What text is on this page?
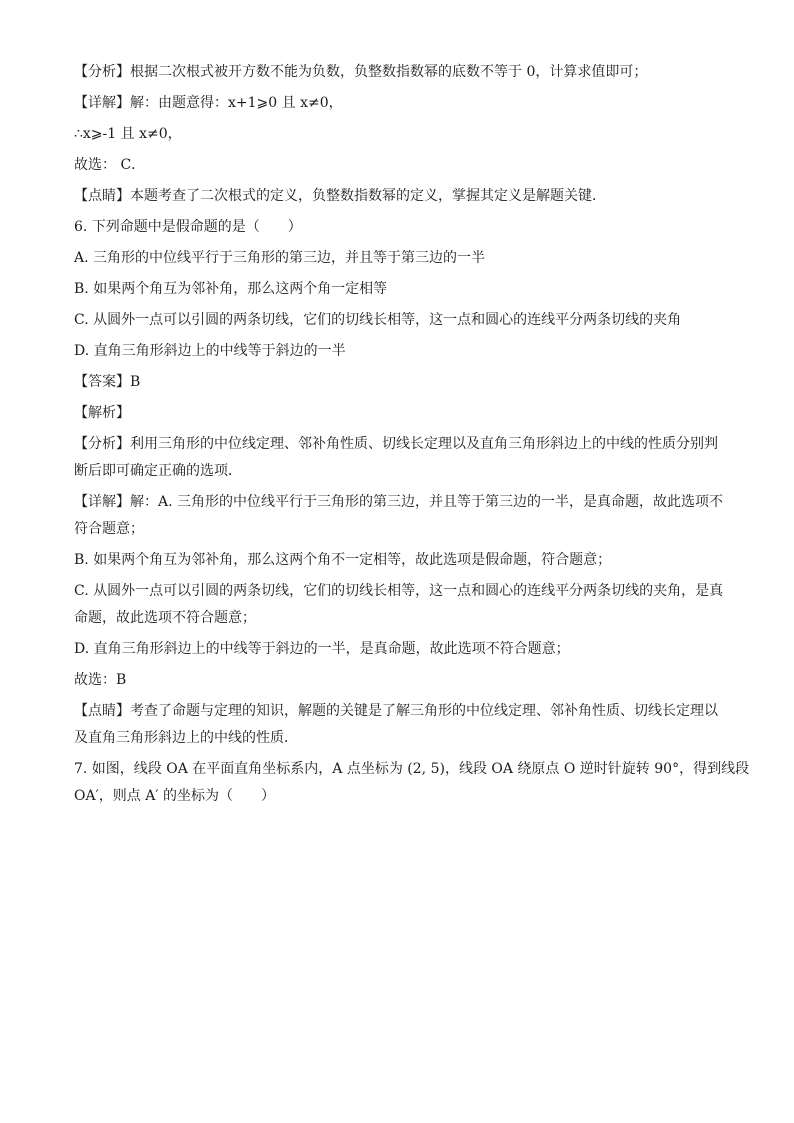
【分析】根据二次根式被开方数不能为负数，负整数指数幂的底数不等于 0，计算求值即可；

【详解】解：由题意得：x+1⩾0 且 x≠0，

∴x⩾-1 且 x≠0，

故选： C．

【点睛】本题考查了二次根式的定义，负整数指数幂的定义，掌握其定义是解题关键．

6. 下列命题中是假命题的是（　　）

A. 三角形的中位线平行于三角形的第三边，并且等于第三边的一半

B. 如果两个角互为邻补角，那么这两个角一定相等

C. 从圆外一点可以引圆的两条切线，它们的切线长相等，这一点和圆心的连线平分两条切线的夹角

D. 直角三角形斜边上的中线等于斜边的一半

【答案】B

【解析】

【分析】利用三角形的中位线定理、邻补角性质、切线长定理以及直角三角形斜边上的中线的性质分别判

断后即可确定正确的选项．

【详解】解：A. 三角形的中位线平行于三角形的第三边，并且等于第三边的一半，是真命题，故此选项不

符合题意；

B. 如果两个角互为邻补角，那么这两个角不一定相等，故此选项是假命题，符合题意；

C. 从圆外一点可以引圆的两条切线，它们的切线长相等，这一点和圆心的连线平分两条切线的夹角，是真

命题，故此选项不符合题意；

D. 直角三角形斜边上的中线等于斜边的一半，是真命题，故此选项不符合题意；

故选：B

【点睛】考查了命题与定理的知识，解题的关键是了解三角形的中位线定理、邻补角性质、切线长定理以

及直角三角形斜边上的中线的性质．

7. 如图，线段 OA 在平面直角坐标系内，A 点坐标为 (2, 5)，线段 OA 绕原点 O 逆时针旋转 90°，得到线段

OA′，则点 A′ 的坐标为（　　）
